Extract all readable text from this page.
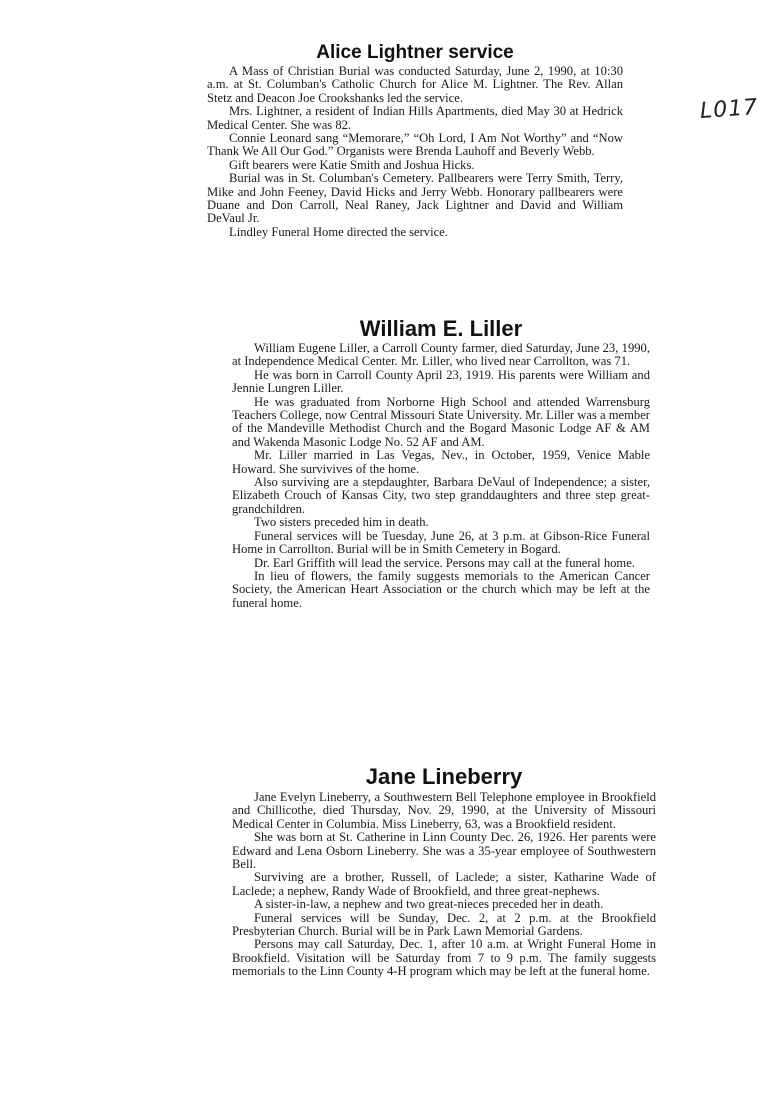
L017
Alice Lightner service

A Mass of Christian Burial was conducted Saturday, June 2, 1990, at 10:30 a.m. at St. Columban's Catholic Church for Alice M. Lightner. The Rev. Allan Stetz and Deacon Joe Crookshanks led the service.

Mrs. Lightner, a resident of Indian Hills Apartments, died May 30 at Hedrick Medical Center. She was 82.

Connie Leonard sang “Memorare,” “Oh Lord, I Am Not Worthy” and “Now Thank We All Our God.” Organists were Brenda Lauhoff and Beverly Webb.

Gift bearers were Katie Smith and Joshua Hicks.

Burial was in St. Columban's Cemetery. Pallbearers were Terry Smith, Terry, Mike and John Feeney, David Hicks and Jerry Webb. Honorary pallbearers were Duane and Don Carroll, Neal Raney, Jack Lightner and David and William DeVaul Jr.

Lindley Funeral Home directed the service.

William E. Liller

William Eugene Liller, a Carroll County farmer, died Saturday, June 23, 1990, at Independence Medical Center. Mr. Liller, who lived near Carrollton, was 71.

He was born in Carroll County April 23, 1919. His parents were William and Jennie Lungren Liller.

He was graduated from Norborne High School and attended Warrensburg Teachers College, now Central Missouri State University. Mr. Liller was a member of the Mandeville Methodist Church and the Bogard Masonic Lodge AF & AM and Wakenda Masonic Lodge No. 52 AF and AM.

Mr. Liller married in Las Vegas, Nev., in October, 1959, Venice Mable Howard. She survivives of the home.

Also surviving are a stepdaughter, Barbara DeVaul of Independence; a sister, Elizabeth Crouch of Kansas City, two step granddaughters and three step great-grandchildren.

Two sisters preceded him in death.

Funeral services will be Tuesday, June 26, at 3 p.m. at Gibson-Rice Funeral Home in Carrollton. Burial will be in Smith Cemetery in Bogard.

Dr. Earl Griffith will lead the service. Persons may call at the funeral home.

In lieu of flowers, the family suggests memorials to the American Cancer Society, the American Heart Association or the church which may be left at the funeral home.

Jane Lineberry

Jane Evelyn Lineberry, a Southwestern Bell Telephone employee in Brookfield and Chillicothe, died Thursday, Nov. 29, 1990, at the University of Missouri Medical Center in Columbia. Miss Lineberry, 63, was a Brookfield resident.

She was born at St. Catherine in Linn County Dec. 26, 1926. Her parents were Edward and Lena Osborn Lineberry. She was a 35-year employee of Southwestern Bell.

Surviving are a brother, Russell, of Laclede; a sister, Katharine Wade of Laclede; a nephew, Randy Wade of Brookfield, and three great-nephews.

A sister-in-law, a nephew and two great-nieces preceded her in death.

Funeral services will be Sunday, Dec. 2, at 2 p.m. at the Brookfield Presbyterian Church. Burial will be in Park Lawn Memorial Gardens.

Persons may call Saturday, Dec. 1, after 10 a.m. at Wright Funeral Home in Brookfield. Visitation will be Saturday from 7 to 9 p.m. The family suggests memorials to the Linn County 4-H program which may be left at the funeral home.
